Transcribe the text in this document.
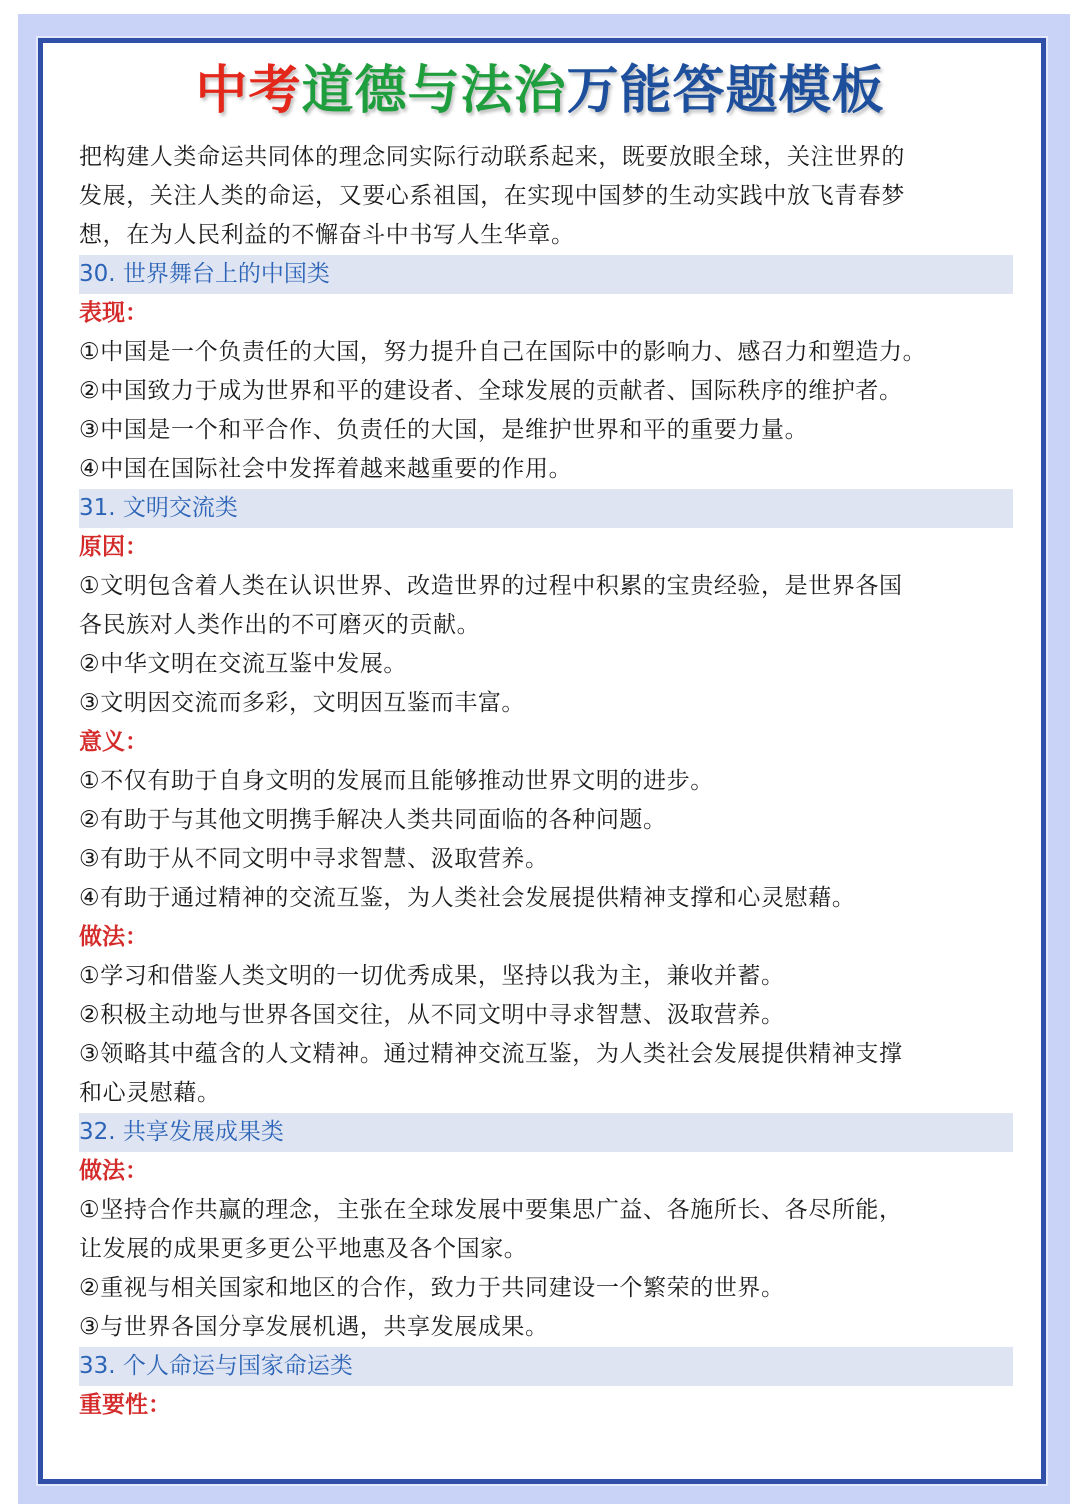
中考道德与法治万能答题模板
把构建人类命运共同体的理念同实际行动联系起来，既要放眼全球，关注世界的
发展，关注人类的命运，又要心系祖国，在实现中国梦的生动实践中放飞青春梦
想，在为人民利益的不懈奋斗中书写人生华章。
30. 世界舞台上的中国类
表现：
①中国是一个负责任的大国，努力提升自己在国际中的影响力、感召力和塑造力。
②中国致力于成为世界和平的建设者、全球发展的贡献者、国际秩序的维护者。
③中国是一个和平合作、负责任的大国，是维护世界和平的重要力量。
④中国在国际社会中发挥着越来越重要的作用。
31. 文明交流类
原因：
①文明包含着人类在认识世界、改造世界的过程中积累的宝贵经验，是世界各国
各民族对人类作出的不可磨灭的贡献。
②中华文明在交流互鉴中发展。
③文明因交流而多彩，文明因互鉴而丰富。
意义：
①不仅有助于自身文明的发展而且能够推动世界文明的进步。
②有助于与其他文明携手解决人类共同面临的各种问题。
③有助于从不同文明中寻求智慧、汲取营养。
④有助于通过精神的交流互鉴，为人类社会发展提供精神支撑和心灵慰藉。
做法：
①学习和借鉴人类文明的一切优秀成果，坚持以我为主，兼收并蓄。
②积极主动地与世界各国交往，从不同文明中寻求智慧、汲取营养。
③领略其中蕴含的人文精神。通过精神交流互鉴，为人类社会发展提供精神支撑
和心灵慰藉。
32. 共享发展成果类
做法：
①坚持合作共赢的理念，主张在全球发展中要集思广益、各施所长、各尽所能，
让发展的成果更多更公平地惠及各个国家。
②重视与相关国家和地区的合作，致力于共同建设一个繁荣的世界。
③与世界各国分享发展机遇，共享发展成果。
33. 个人命运与国家命运类
重要性：
